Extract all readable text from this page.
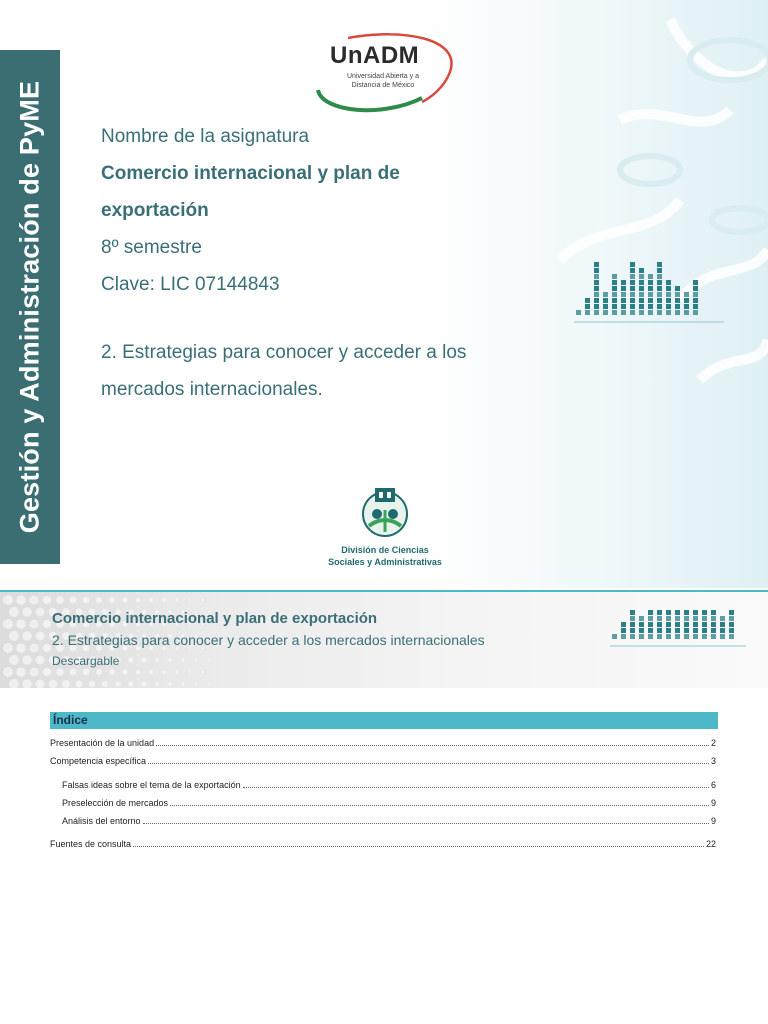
Gestión y Administración de PyME
UnADM
Universidad Abierta y a
Distancia de México
Nombre de la asignatura
Comercio internacional y plan de
exportación
8º semestre
Clave: LIC 07144843
2. Estrategias para conocer y acceder a los
mercados internacionales.
División de Ciencias
Sociales y Administrativas
Comercio internacional y plan de exportación
2. Estrategias para conocer y acceder a los mercados internacionales
Descargable
Índice
Presentación de la unidad	2
Competencia específica	3
Falsas ideas sobre el tema de la exportación	6
Preselección de mercados	9
Análisis del entorno	9
Fuentes de consulta	22
